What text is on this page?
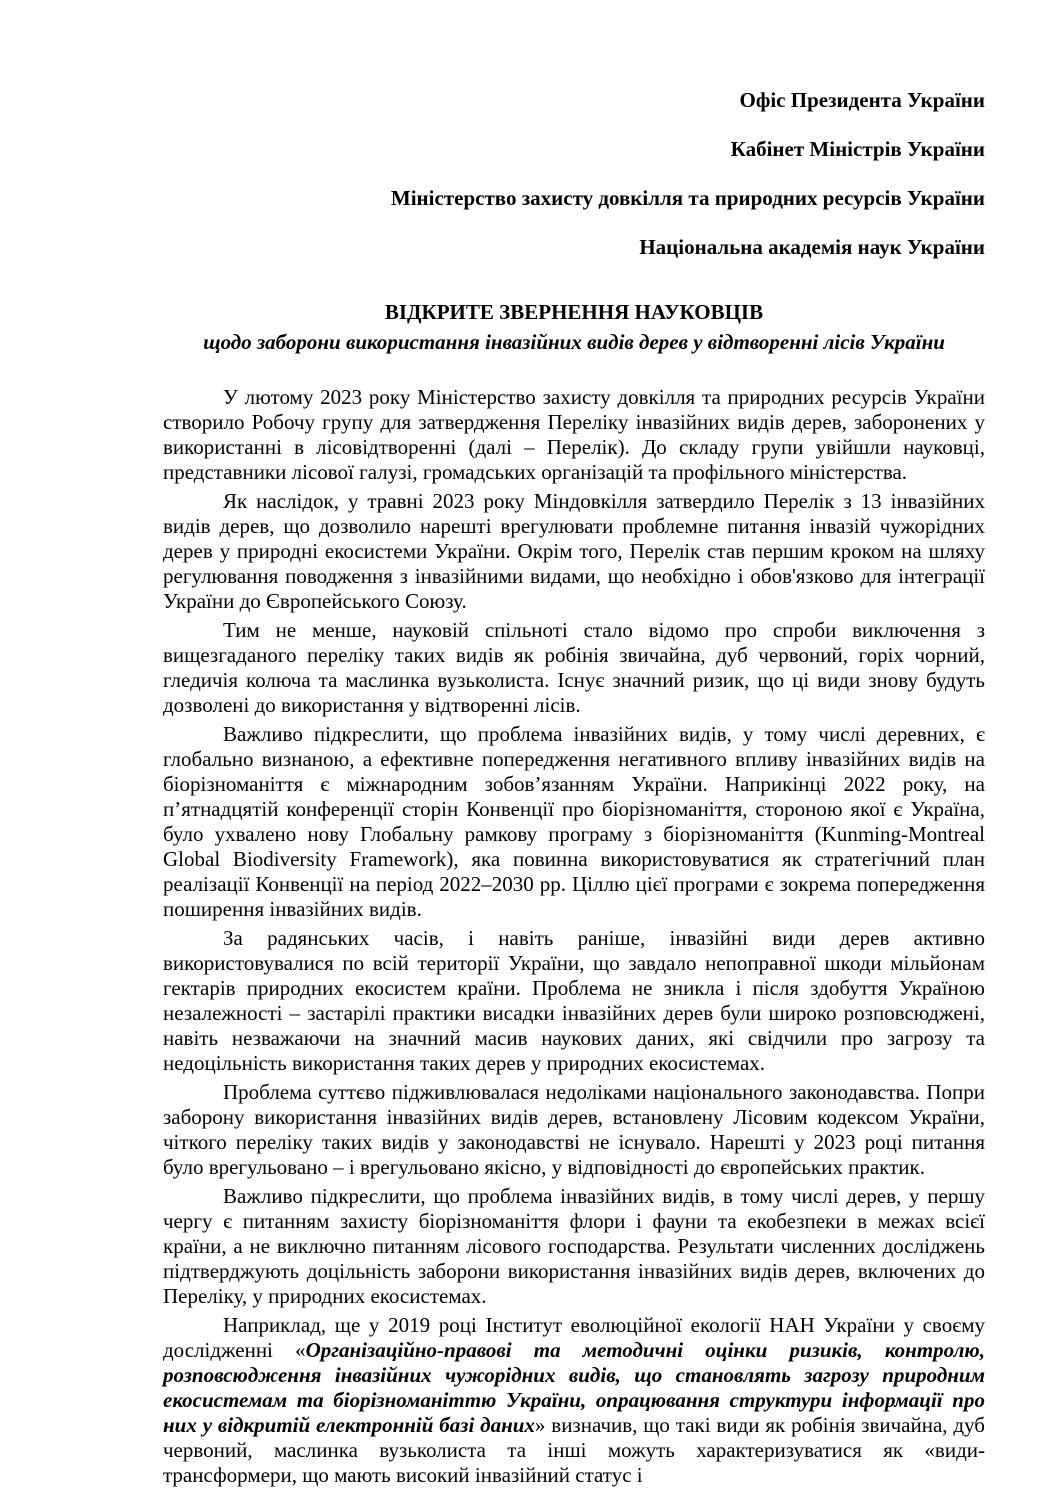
Офіс Президента України

Кабінет Міністрів України

Міністерство захисту довкілля та природних ресурсів України

Національна академія наук України

ВІДКРИТЕ ЗВЕРНЕННЯ НАУКОВЦІВ
щодо заборони використання інвазійних видів дерев у відтворенні лісів України

У лютому 2023 року Міністерство захисту довкілля та природних ресурсів України створило Робочу групу для затвердження Переліку інвазійних видів дерев, заборонених у використанні в лісовідтворенні (далі – Перелік). До складу групи увійшли науковці, представники лісової галузі, громадських організацій та профільного міністерства.

Як наслідок, у травні 2023 року Міндовкілля затвердило Перелік з 13 інвазійних видів дерев, що дозволило нарешті врегулювати проблемне питання інвазій чужорідних дерев у природні екосистеми України. Окрім того, Перелік став першим кроком на шляху регулювання поводження з інвазійними видами, що необхідно і обов'язково для інтеграції України до Європейського Союзу.

Тим не менше, науковій спільноті стало відомо про спроби виключення з вищезгаданого переліку таких видів як робінія звичайна, дуб червоний, горіх чорний, гледичія колюча та маслинка вузьколиста. Існує значний ризик, що ці види знову будуть дозволені до використання у відтворенні лісів.

Важливо підкреслити, що проблема інвазійних видів, у тому числі деревних, є глобально визнаною, а ефективне попередження негативного впливу інвазійних видів на біорізноманіття є міжнародним зобов’язанням України. Наприкінці 2022 року, на п’ятнадцятій конференції сторін Конвенції про біорізноманіття, стороною якої є Україна, було ухвалено нову Глобальну рамкову програму з біорізноманіття (Kunming-Montreal Global Biodiversity Framework), яка повинна використовуватися як стратегічний план реалізації Конвенції на період 2022–2030 рр. Ціллю цієї програми є зокрема попередження поширення інвазійних видів.

За радянських часів, і навіть раніше, інвазійні види дерев активно використовувалися по всій території України, що завдало непоправної шкоди мільйонам гектарів природних екосистем країни. Проблема не зникла і після здобуття Україною незалежності – застарілі практики висадки інвазійних дерев були широко розповсюджені, навіть незважаючи на значний масив наукових даних, які свідчили про загрозу та недоцільність використання таких дерев у природних екосистемах.

Проблема суттєво підживлювалася недоліками національного законодавства. Попри заборону використання інвазійних видів дерев, встановлену Лісовим кодексом України, чіткого переліку таких видів у законодавстві не існувало. Нарешті у 2023 році питання було врегульовано – і врегульовано якісно, у відповідності до європейських практик.

Важливо підкреслити, що проблема інвазійних видів, в тому числі дерев, у першу чергу є питанням захисту біорізноманіття флори і фауни та екобезпеки в межах всієї країни, а не виключно питанням лісового господарства. Результати численних досліджень підтверджують доцільність заборони використання інвазійних видів дерев, включених до Переліку, у природних екосистемах.

Наприклад, ще у 2019 році Інститут еволюційної екології НАН України у своєму дослідженні «Організаційно-правові та методичні оцінки ризиків, контролю, розповсюдження інвазійних чужорідних видів, що становлять загрозу природним екосистемам та біорізноманіттю України, опрацювання структури інформації про них у відкритій електронній базі даних» визначив, що такі види як робінія звичайна, дуб червоний, маслинка вузьколиста та інші можуть характеризуватися як «види-трансформери, що мають високий інвазійний статус і
